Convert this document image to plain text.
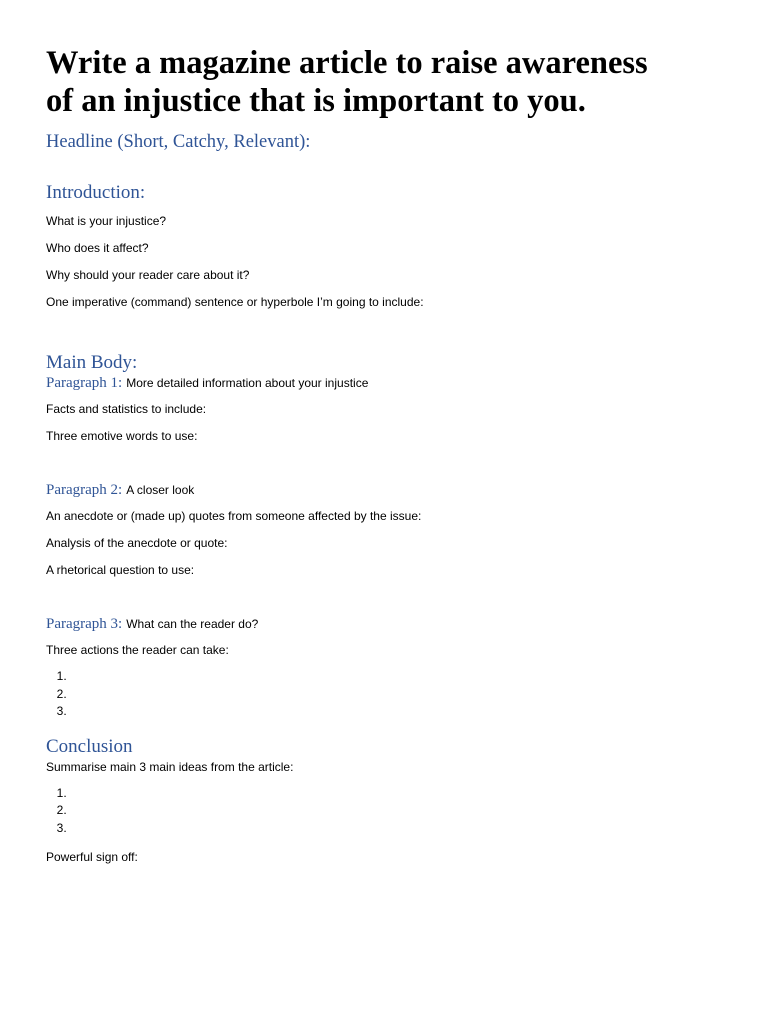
Write a magazine article to raise awareness
of an injustice that is important to you.
Headline (Short, Catchy, Relevant):
Introduction:

What is your injustice?

Who does it affect?

Why should your reader care about it?

One imperative (command) sentence or hyperbole I’m going to include:

Main Body:
Paragraph 1: More detailed information about your injustice

Facts and statistics to include:

Three emotive words to use:

Paragraph 2: A closer look

An anecdote or (made up) quotes from someone affected by the issue:

Analysis of the anecdote or quote:

A rhetorical question to use:

Paragraph 3: What can the reader do?

Three actions the reader can take:

1.
2.
3.
Conclusion

Summarise main 3 main ideas from the article:

1.
2.
3.

Powerful sign off:
